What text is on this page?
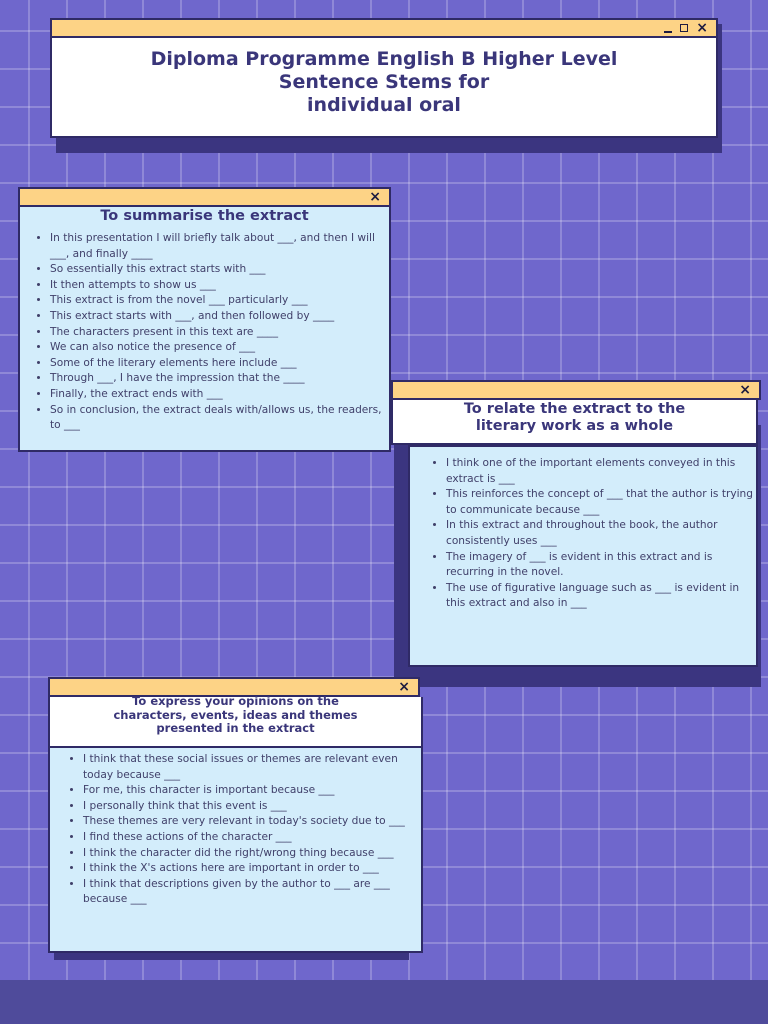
×

Diploma Programme English B Higher Level

Sentence Stems for

individual oral

×

To summarise the extract

• In this presentation I will briefly talk about ___, and then I will ___, and finally ____
• So essentially this extract starts with ___
• It then attempts to show us ___
• This extract is from the novel ___ particularly ___
• This extract starts with ___, and then followed by ____
• The characters present in this text are ____
• We can also notice the presence of ___
• Some of the literary elements here include ___
• Through ___, I have the impression that the ____
• Finally, the extract ends with ___
• So in conclusion, the extract deals with/allows us, the readers, to ___
×

To relate the extract to the

literary work as a whole

• I think one of the important elements conveyed in this extract is ___
• This reinforces the concept of ___ that the author is trying to communicate because ___
• In this extract and throughout the book, the author consistently uses ___
• The imagery of ___ is evident in this extract and is recurring in the novel.
• The use of figurative language such as ___ is evident in this extract and also in ___
×

To express your opinions on the

characters, events, ideas and themes

presented in the extract

• I think that these social issues or themes are relevant even today because ___
• For me, this character is important because ___
• I personally think that this event is ___
• These themes are very relevant in today's society due to ___
• I find these actions of the character ___
• I think the character did the right/wrong thing because ___
• I think the X's actions here are important in order to ___
• I think that descriptions given by the author to ___ are ___ because ___
